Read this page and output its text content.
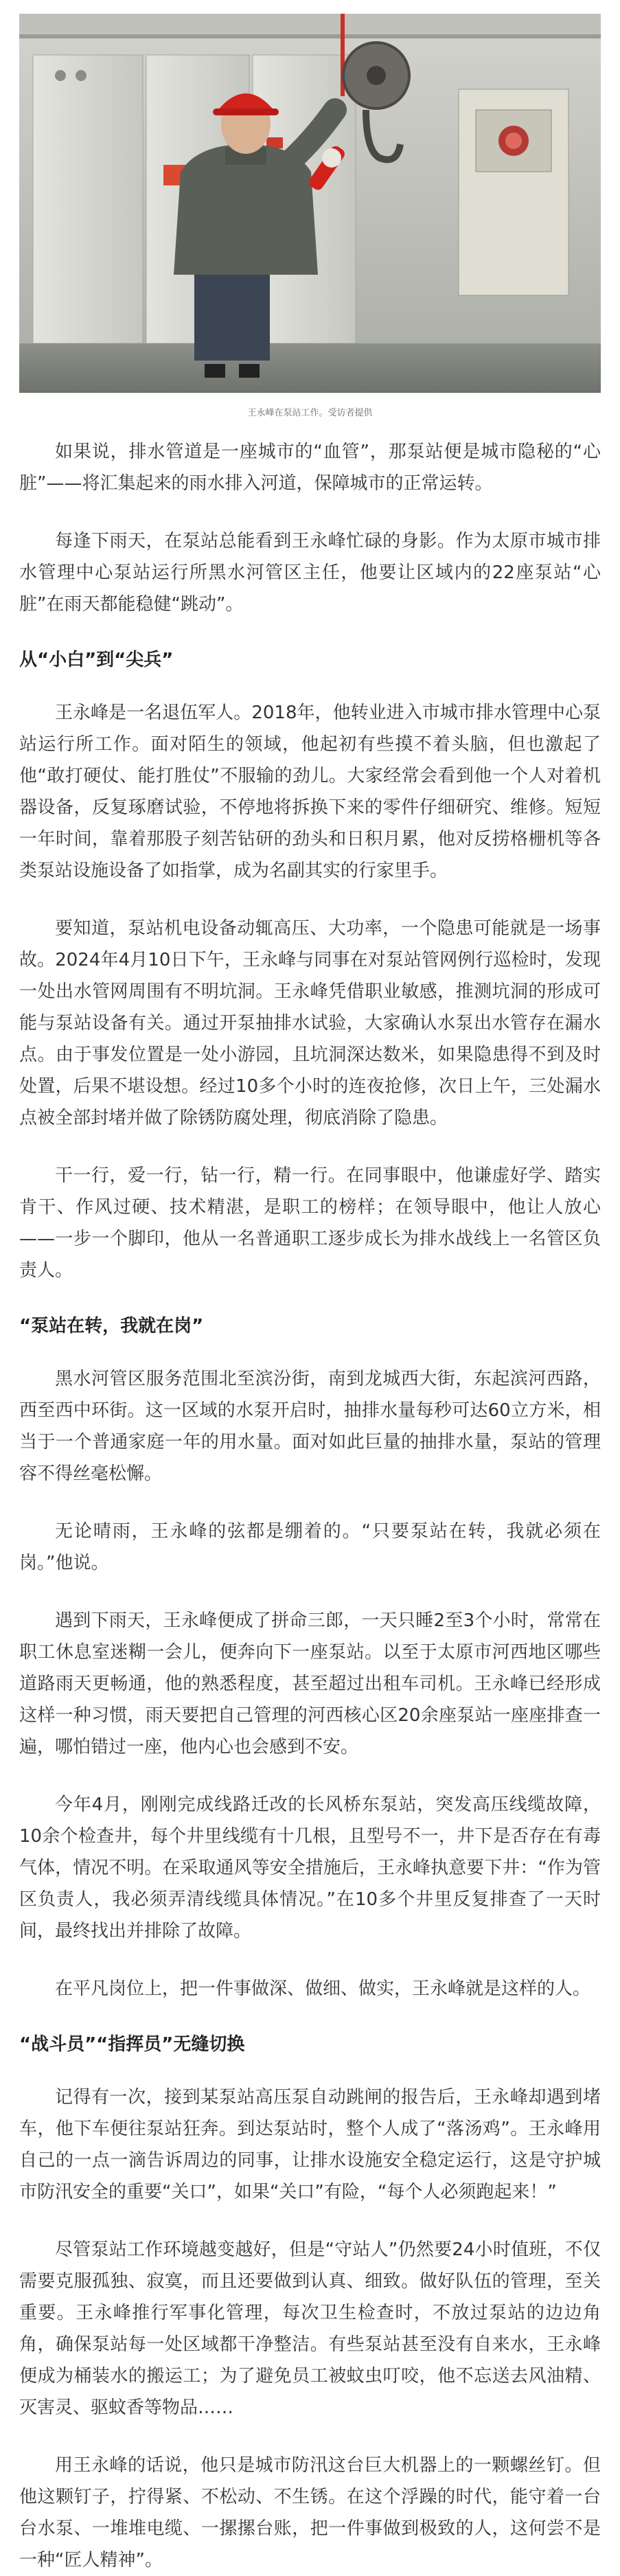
王永峰在泵站工作。受访者提供

如果说，排水管道是一座城市的“血管”，那泵站便是城市隐秘的“心脏”——将汇集起来的雨水排入河道，保障城市的正常运转。

每逢下雨天，在泵站总能看到王永峰忙碌的身影。作为太原市城市排水管理中心泵站运行所黑水河管区主任，他要让区域内的22座泵站“心脏”在雨天都能稳健“跳动”。

从“小白”到“尖兵”

王永峰是一名退伍军人。2018年，他转业进入市城市排水管理中心泵站运行所工作。面对陌生的领域，他起初有些摸不着头脑，但也激起了他“敢打硬仗、能打胜仗”不服输的劲儿。大家经常会看到他一个人对着机器设备，反复琢磨试验，不停地将拆换下来的零件仔细研究、维修。短短一年时间，靠着那股子刻苦钻研的劲头和日积月累，他对反捞格栅机等各类泵站设施设备了如指掌，成为名副其实的行家里手。

要知道，泵站机电设备动辄高压、大功率，一个隐患可能就是一场事故。2024年4月10日下午，王永峰与同事在对泵站管网例行巡检时，发现一处出水管网周围有不明坑洞。王永峰凭借职业敏感，推测坑洞的形成可能与泵站设备有关。通过开泵抽排水试验，大家确认水泵出水管存在漏水点。由于事发位置是一处小游园，且坑洞深达数米，如果隐患得不到及时处置，后果不堪设想。经过10多个小时的连夜抢修，次日上午，三处漏水点被全部封堵并做了除锈防腐处理，彻底消除了隐患。

干一行，爱一行，钻一行，精一行。在同事眼中，他谦虚好学、踏实肯干、作风过硬、技术精湛，是职工的榜样；在领导眼中，他让人放心——一步一个脚印，他从一名普通职工逐步成长为排水战线上一名管区负责人。

“泵站在转，我就在岗”

黑水河管区服务范围北至滨汾街，南到龙城西大街，东起滨河西路，西至西中环街。这一区域的水泵开启时，抽排水量每秒可达60立方米，相当于一个普通家庭一年的用水量。面对如此巨量的抽排水量，泵站的管理容不得丝毫松懈。

无论晴雨，王永峰的弦都是绷着的。“只要泵站在转，我就必须在岗。”他说。

遇到下雨天，王永峰便成了拼命三郎，一天只睡2至3个小时，常常在职工休息室迷糊一会儿，便奔向下一座泵站。以至于太原市河西地区哪些道路雨天更畅通，他的熟悉程度，甚至超过出租车司机。王永峰已经形成这样一种习惯，雨天要把自己管理的河西核心区20余座泵站一座座排查一遍，哪怕错过一座，他内心也会感到不安。

今年4月，刚刚完成线路迁改的长风桥东泵站，突发高压线缆故障，10余个检查井，每个井里线缆有十几根，且型号不一，井下是否存在有毒气体，情况不明。在采取通风等安全措施后，王永峰执意要下井：“作为管区负责人，我必须弄清线缆具体情况。”在10多个井里反复排查了一天时间，最终找出并排除了故障。

在平凡岗位上，把一件事做深、做细、做实，王永峰就是这样的人。

“战斗员”“指挥员”无缝切换

记得有一次，接到某泵站高压泵自动跳闸的报告后，王永峰却遇到堵车，他下车便往泵站狂奔。到达泵站时，整个人成了“落汤鸡”。王永峰用自己的一点一滴告诉周边的同事，让排水设施安全稳定运行，这是守护城市防汛安全的重要“关口”，如果“关口”有险，“每个人必须跑起来！”

尽管泵站工作环境越变越好，但是“守站人”仍然要24小时值班，不仅需要克服孤独、寂寞，而且还要做到认真、细致。做好队伍的管理，至关重要。王永峰推行军事化管理，每次卫生检查时，不放过泵站的边边角角，确保泵站每一处区域都干净整洁。有些泵站甚至没有自来水，王永峰便成为桶装水的搬运工；为了避免员工被蚊虫叮咬，他不忘送去风油精、灭害灵、驱蚊香等物品……

用王永峰的话说，他只是城市防汛这台巨大机器上的一颗螺丝钉。但他这颗钉子，拧得紧、不松动、不生锈。在这个浮躁的时代，能守着一台台水泵、一堆堆电缆、一摞摞台账，把一件事做到极致的人，这何尝不是一种“匠人精神”。
